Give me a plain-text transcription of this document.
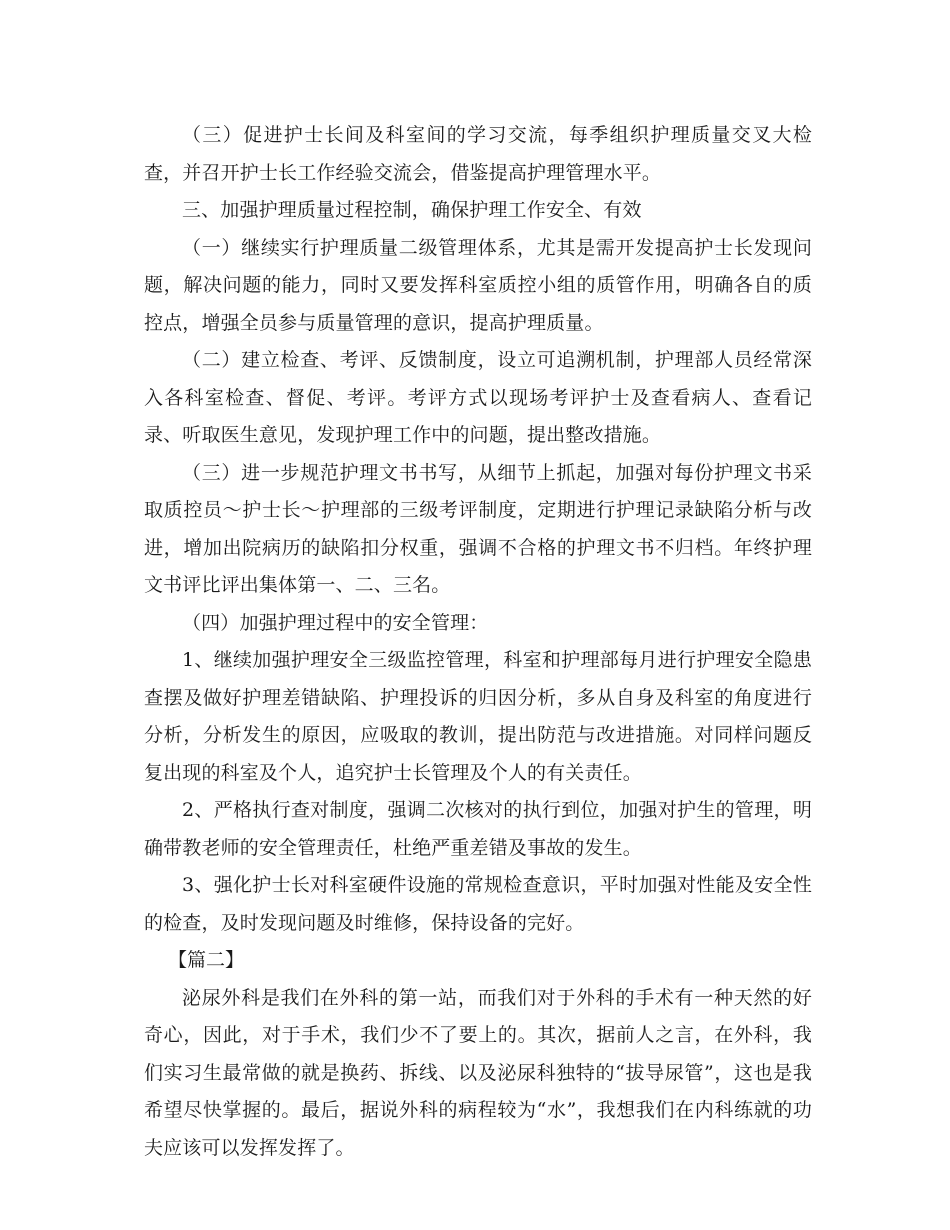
（三）促进护士长间及科室间的学习交流，每季组织护理质量交叉大检查，并召开护士长工作经验交流会，借鉴提高护理管理水平。

三、加强护理质量过程控制，确保护理工作安全、有效

（一）继续实行护理质量二级管理体系，尤其是需开发提高护士长发现问题，解决问题的能力，同时又要发挥科室质控小组的质管作用，明确各自的质控点，增强全员参与质量管理的意识，提高护理质量。

（二）建立检查、考评、反馈制度，设立可追溯机制，护理部人员经常深入各科室检查、督促、考评。考评方式以现场考评护士及查看病人、查看记录、听取医生意见，发现护理工作中的问题，提出整改措施。

（三）进一步规范护理文书书写，从细节上抓起，加强对每份护理文书采取质控员～护士长～护理部的三级考评制度，定期进行护理记录缺陷分析与改进，增加出院病历的缺陷扣分权重，强调不合格的护理文书不归档。年终护理文书评比评出集体第一、二、三名。

（四）加强护理过程中的安全管理：

1、继续加强护理安全三级监控管理，科室和护理部每月进行护理安全隐患查摆及做好护理差错缺陷、护理投诉的归因分析，多从自身及科室的角度进行分析，分析发生的原因，应吸取的教训，提出防范与改进措施。对同样问题反复出现的科室及个人，追究护士长管理及个人的有关责任。

2、严格执行查对制度，强调二次核对的执行到位，加强对护生的管理，明确带教老师的安全管理责任，杜绝严重差错及事故的发生。

3、强化护士长对科室硬件设施的常规检查意识，平时加强对性能及安全性的检查，及时发现问题及时维修，保持设备的完好。

【篇二】

泌尿外科是我们在外科的第一站，而我们对于外科的手术有一种天然的好奇心，因此，对于手术，我们少不了要上的。其次，据前人之言，在外科，我们实习生最常做的就是换药、拆线、以及泌尿科独特的“拔导尿管”，这也是我希望尽快掌握的。最后，据说外科的病程较为“水”，我想我们在内科练就的功夫应该可以发挥发挥了。
